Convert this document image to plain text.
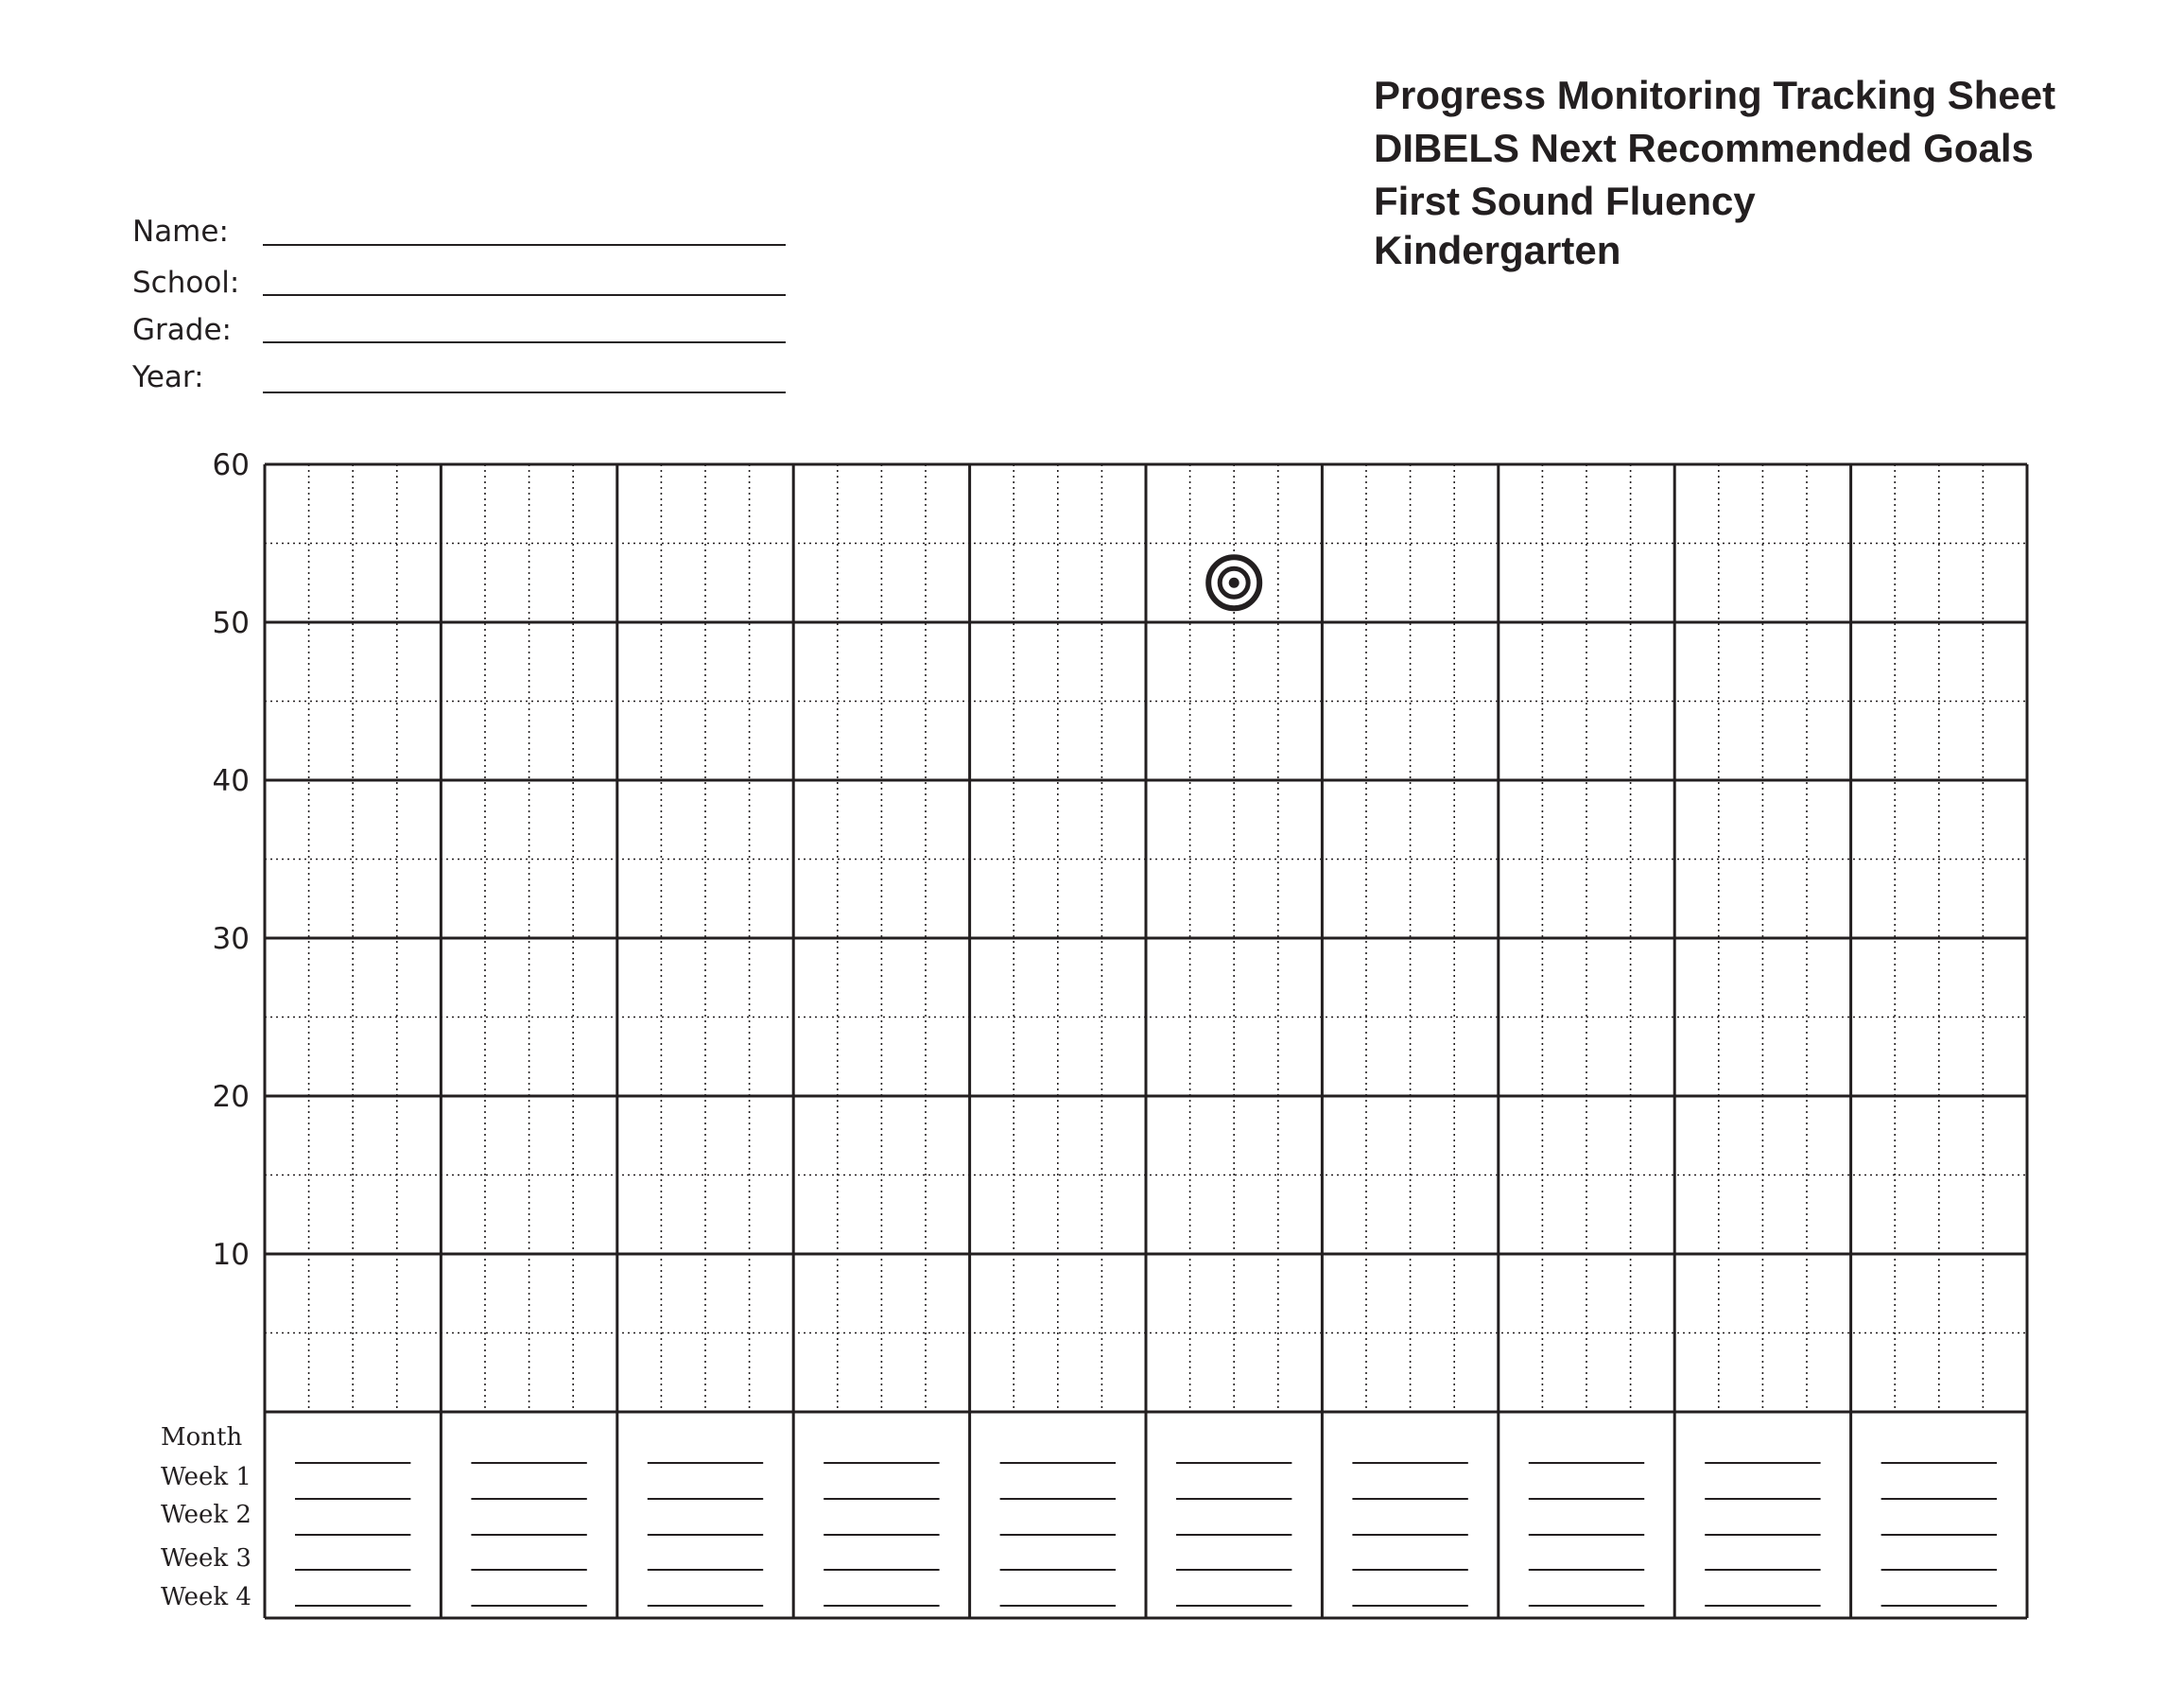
Progress Monitoring Tracking Sheet
DIBELS Next Recommended Goals
First Sound Fluency
Kindergarten
Name:
School:
Grade:
Year:
60
50
40
30
20
10
Month
Week 1
Week 2
Week 3
Week 4
